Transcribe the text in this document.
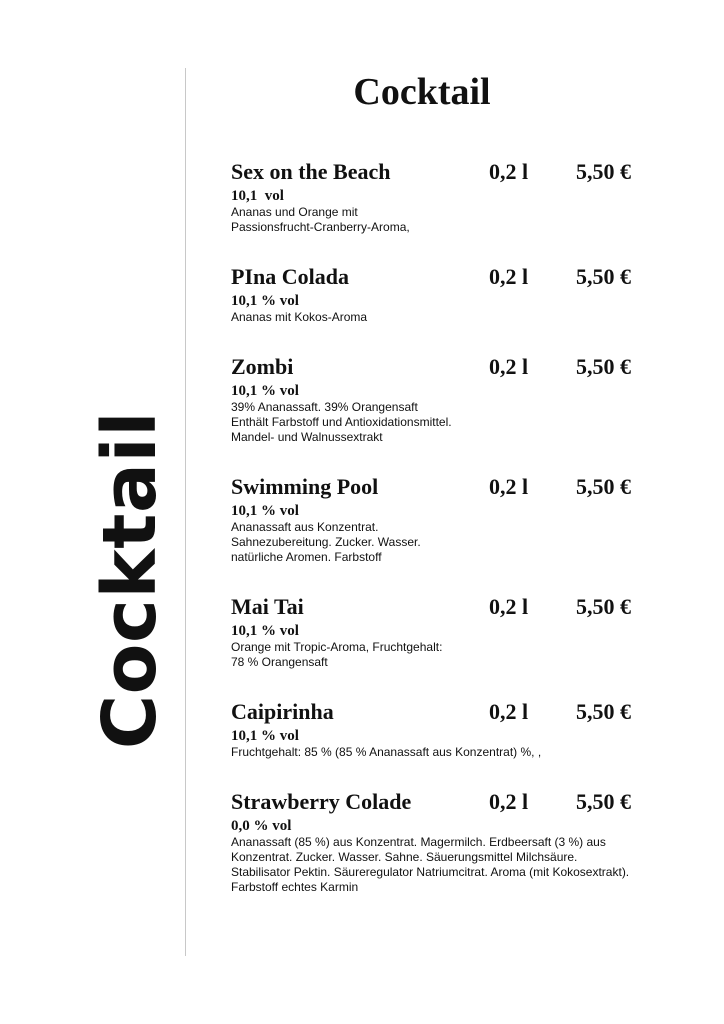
Cocktail
Cocktail
Sex on the Beach	0,2 l 5,50 €
10,1  vol
Ananas und Orange mit
Passionsfrucht-Cranberry-Aroma,
PIna Colada	0,2 l 5,50 €
10,1 % vol
Ananas mit Kokos-Aroma
Zombi	0,2 l 5,50 €
10,1 % vol
39% Ananassaft. 39% Orangensaft
Enthält Farbstoff und Antioxidationsmittel.
Mandel- und Walnussextrakt
Swimming Pool	0,2 l 5,50 €
10,1 % vol
Ananassaft aus Konzentrat.
Sahnezubereitung. Zucker. Wasser.
natürliche Aromen. Farbstoff
Mai Tai	0,2 l 5,50 €
10,1 % vol
Orange mit Tropic-Aroma, Fruchtgehalt:
78 % Orangensaft
Caipirinha	0,2 l 5,50 €
10,1 % vol
Fruchtgehalt: 85 % (85 % Ananassaft aus Konzentrat) %, ,
Strawberry Colade	0,2 l 5,50 €
0,0 % vol
Ananassaft (85 %) aus Konzentrat. Magermilch. Erdbeersaft (3 %) aus
Konzentrat. Zucker. Wasser. Sahne. Säuerungsmittel Milchsäure.
Stabilisator Pektin. Säureregulator Natriumcitrat. Aroma (mit Kokosextrakt).
Farbstoff echtes Karmin
